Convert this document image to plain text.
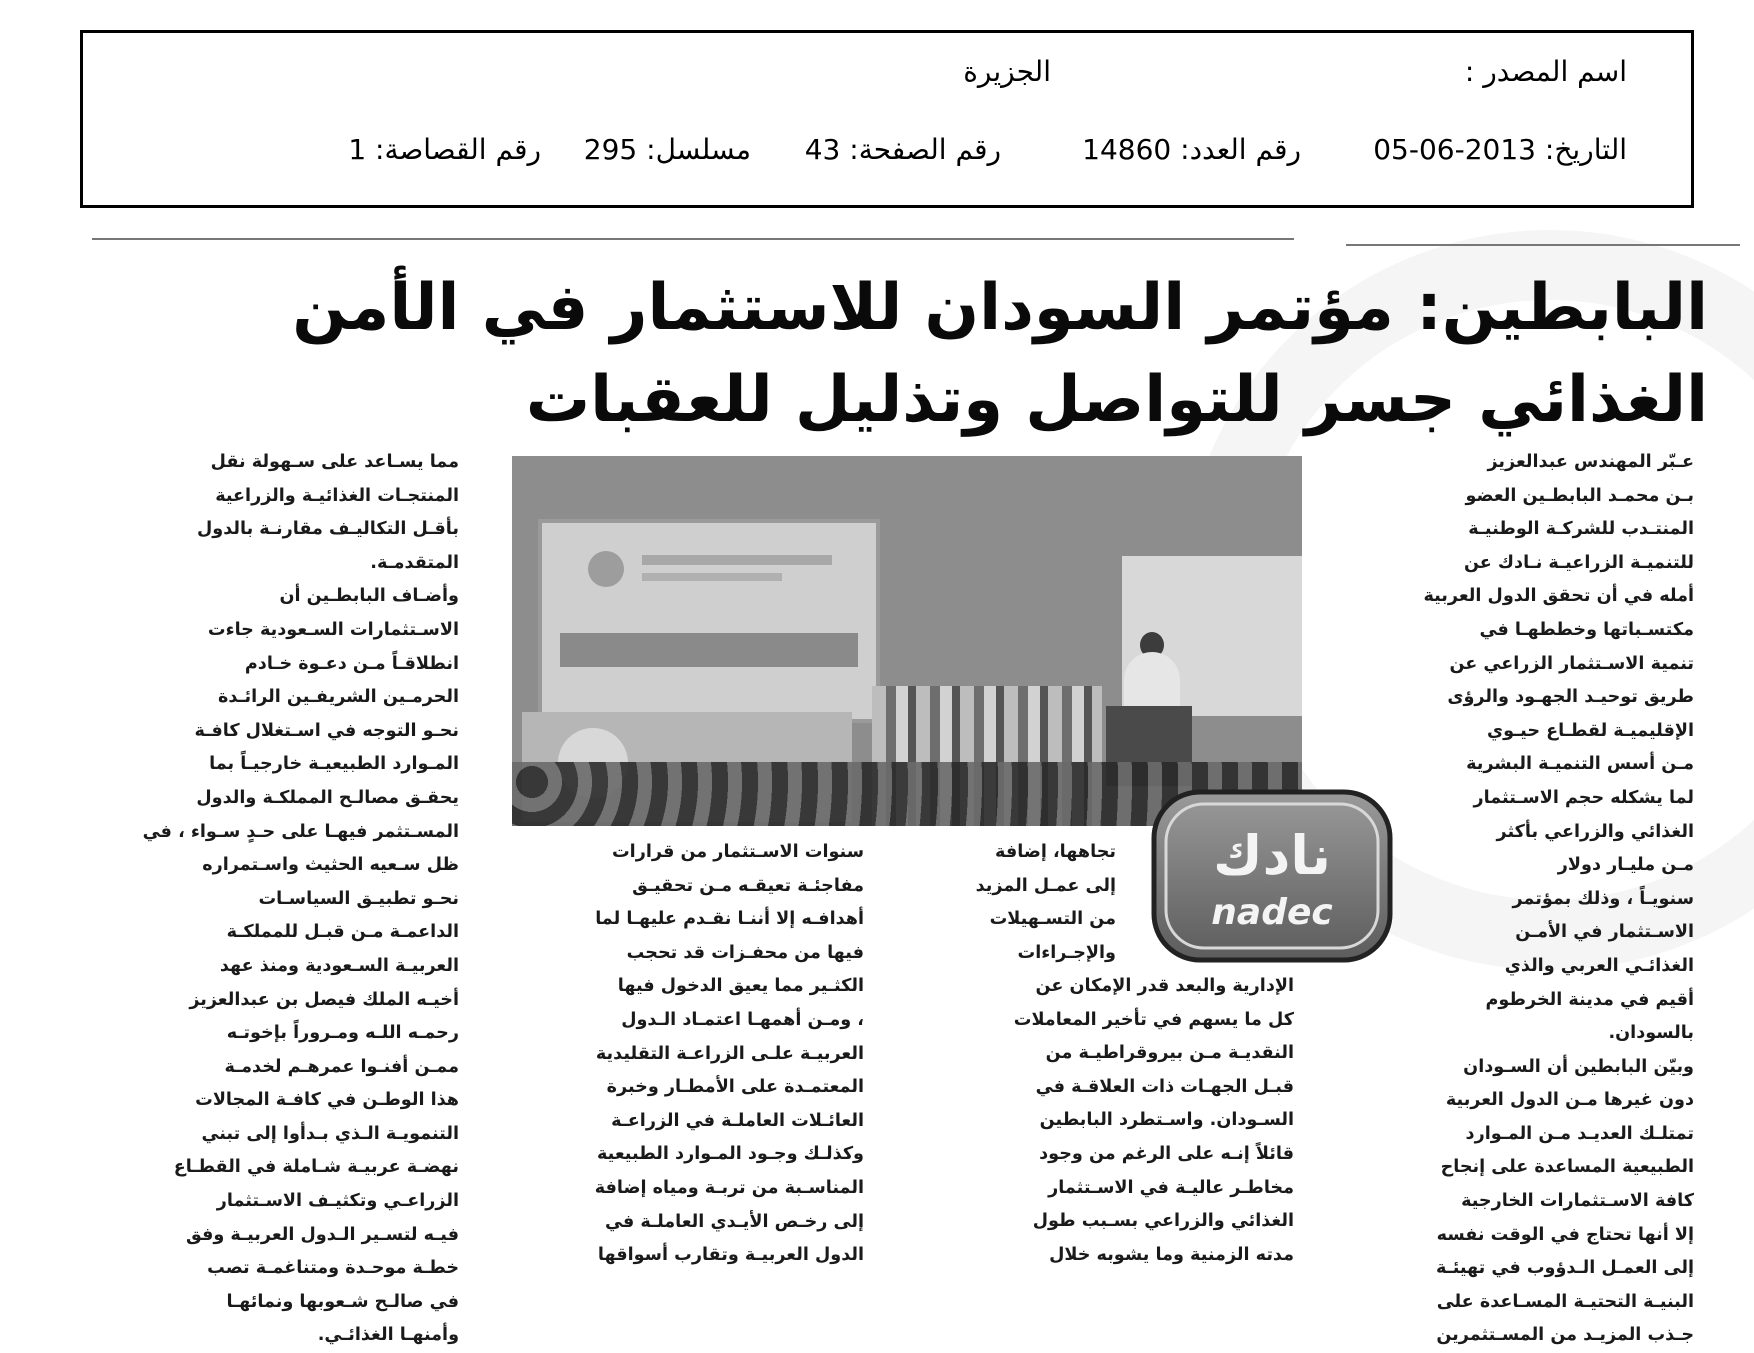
اسم المصدر :
الجزيرة
التاريخ: 2013-06-05
رقم العدد: 14860
رقم الصفحة: 43
مسلسل: 295
رقم القصاصة: 1
البابطين: مؤتمر السودان للاستثمار في الأمن
الغذائي جسر للتواصل وتذليل للعقبات

عـبّر المهندس عبدالعزيز
بـن محمـد البابطـين العضو
المنتـدب للشركـة الوطنيـة
للتنميـة الزراعيـة نـادك عن
أمله في أن تحقق الدول العربية
مكتسـباتها وخططهـا في
تنمية الاسـتثمار الزراعي عن
طريق توحيـد الجهـود والرؤى
الإقليميـة لقطـاع حيـوي
مـن أسس التنميـة البشرية
لما يشكله حجم الاسـتثمار
الغذائي والزراعي بأكثر
مـن مليـار دولار
سنويـاً ، وذلك بمؤتمر
الاسـتثمار في الأمـن
الغذائـي العربي والذي
أقيم في مدينة الخرطوم
بالسودان.
وبيّن البابطين أن السـودان
دون غيرها مـن الدول العربية
تمتلـك العديـد مـن المـوارد
الطبيعية المساعدة على إنجاح
كافة الاسـتثمارات الخارجية
إلا أنها تحتاج في الوقت نفسه
إلى العمـل الـدؤوب في تهيئـة
البنيـة التحتيـة المسـاعدة على
جـذب المزيـد من المسـتثمرين

نادك
nadec

تجاهها، إضافة
إلى عمـل المزيد
من التسـهيلات
والإجـراءات

الإدارية والبعد قدر الإمكان عن
كل ما يسهم في تأخير المعاملات
النقديـة مـن بيروقراطيـة من
قبـل الجهـات ذات العلاقـة في
السـودان. واسـتطرد البابطين
قائلاً إنـه على الرغم من وجود
مخاطـر عاليـة في الاسـتثمار
الغذائي والزراعي بسـبب طول
مدته الزمنية وما يشوبه خلال

سنوات الاسـتثمار من قرارات
مفاجئـة تعيقـه مـن تحقيـق
أهدافـه إلا أننـا نقـدم عليهـا لما
فيها من محفـزات قد تحجب
الكثـير مما يعيق الدخول فيها
، ومـن أهمهـا اعتمـاد الـدول
العربيـة علـى الزراعـة التقليدية
المعتمـدة على الأمطـار وخبرة
العائـلات العاملـة في الزراعـة
وكذلـك وجـود المـوارد الطبيعية
المناسـبة من تربـة ومياه إضافة
إلى رخـص الأيـدي العاملـة في
الدول العربيـة وتقارب أسواقها

مما يسـاعد على سـهولة نقل
المنتجـات الغذائيـة والزراعية
بأقـل التكاليـف مقارنـة بالدول
المتقدمـة.
وأضـاف البابطـين أن
الاسـتثمارات السـعودية جاءت
انطلاقـاً مـن دعـوة خـادم
الحرمـين الشريفـين الرائـدة
نحـو التوجه في اسـتغلال كافـة
المـوارد الطبيعيـة خارجيـاً بما
يحقـق مصالـح المملكـة والدول
المسـتثمر فيهـا على حـدٍ سـواء ، في
ظل سـعيه الحثيث واسـتمراره
نحـو تطبيـق السياسـات
الداعمـة مـن قبـل للمملكـة
العربيـة السـعودية ومنذ عهد
أخيـه الملك فيصل بن عبدالعزيز
رحمـه اللـه ومـروراً بإخوتـه
ممـن أفنـوا عمرهـم لخدمـة
هذا الوطـن في كافـة المجالات
التنمويـة الـذي بـدأوا إلى تبني
نهضـة عربيـة شـاملة في القطـاع
الزراعـي وتكثيـف الاسـتثمار
فيـه لتسـير الـدول العربيـة وفق
خطـة موحـدة ومتناغمـة تصب
في صالـح شـعوبها ونمائهـا
وأمنهـا الغذائـي.
